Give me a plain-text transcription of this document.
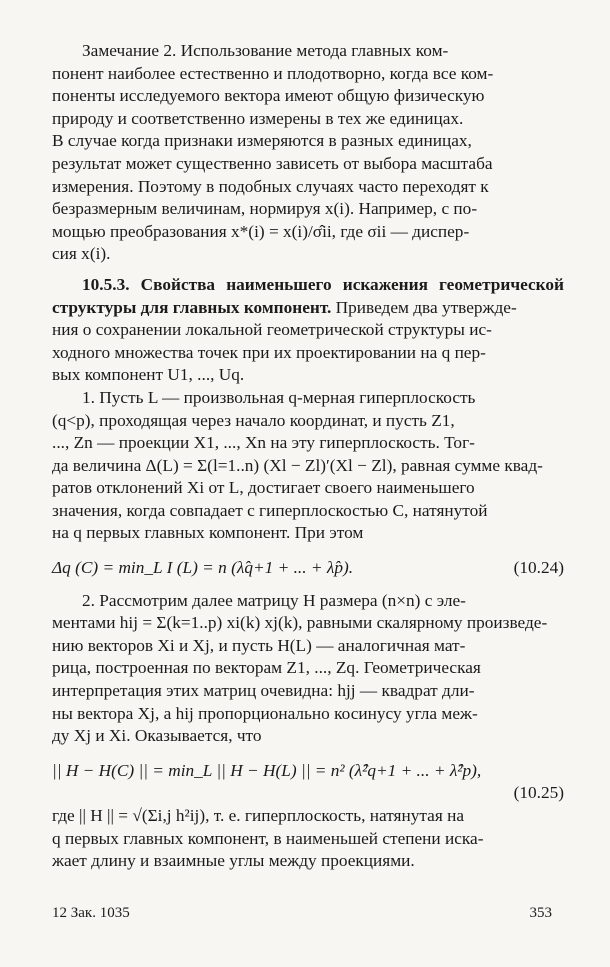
Замечание 2. Использование метода главных ком-

понент наиболее естественно и плодотворно, когда все ком-

поненты исследуемого вектора имеют общую физическую

природу и соответственно измерены в тех же единицах.

В случае когда признаки измеряются в разных единицах,

результат может существенно зависеть от выбора масштаба

измерения. Поэтому в подобных случаях часто переходят к

безразмерным величинам, нормируя x(i). Например, с по-

мощью преобразования x*(i) = x(i)/σ̂ii, где σii — диспер-

сия x(i).

10.5.3. Свойства наименьшего искажения геометрической структуры для главных компонент. Приведем два утвержде-

ния о сохранении локальной геометрической структуры ис-

ходного множества точек при их проектировании на q пер-

вых компонент U1, ..., Uq.

1. Пусть L — произвольная q-мерная гиперплоскость

(q<p), проходящая через начало координат, и пусть Z1,

..., Zn — проекции X1, ..., Xn на эту гиперплоскость. Тог-

да величина Δ(L) = Σ(l=1..n) (Xl − Zl)′(Xl − Zl), равная сумме квад-

ратов отклонений Xi от L, достигает своего наименьшего

значения, когда совпадает с гиперплоскостью C, натянутой

на q первых главных компонент. При этом

Δq (C) = min_L I (L) = n (λ̂q+1 + ... + λ̂p).	(10.24)

2. Рассмотрим далее матрицу H размера (n×n) с эле-

ментами hij = Σ(k=1..p) xi(k) xj(k), равными скалярному произведе-

нию векторов Xi и Xj, и пусть H(L) — аналогичная мат-

рица, построенная по векторам Z1, ..., Zq. Геометрическая

интерпретация этих матриц очевидна: hjj — квадрат дли-

ны вектора Xj, а hij пропорционально косинусу угла меж-

ду Xj и Xi. Оказывается, что

|| H − H(C) || = min_L || H − H(L) || = n² (λ̂²q+1 + ... + λ̂²p),

(10.25)

где || H || = √(Σi,j h²ij), т. е. гиперплоскость, натянутая на

q первых главных компонент, в наименьшей степени иска-

жает длину и взаимные углы между проекциями.

12 Зак. 1035	353
